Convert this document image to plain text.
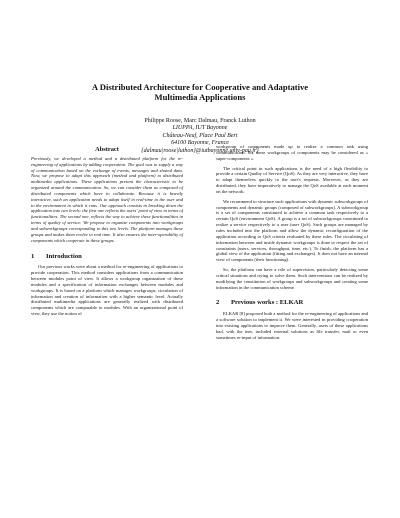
A Distributed Architecture for Cooperative and Adaptative
Multimedia Applications
Philippe Roose, Marc Dalmau, Franck Luthon
LIUPPA, IUT Bayonne
Château-Neuf, Place Paul Bert
64100 Bayonne, France
{dalmau|roose|luthon}@iutbayonne.univ-pau.fr}
Abstract

Previously, we developed a method and a distributed platform for the re-engineering of applications by adding cooperation. The goal was to supply a way of communication based on the exchange of events, messages and shared data. Now, we propose to adapt this approach (method and platform) to distributed multimedia applications. These applications present the characteristic to be organized around the communication. So, we can consider them as composed of distributed components which have to collaborate. Because it is heavily interactive, such an application needs to adapt itself in real-time to the user and to the environment in which it runs. Our approach consists in breaking down the application into two levels: the first one reflects the users' point of view in terms of functionalities. The second one, reflects the way to achieve these functionalities in terms of quality of service. We propose to organize components into workgroups and subworkgroups corresponding to this two levels. The platform manages these groups and makes them evolve in real time. It also ensures the inter-operability of components which cooperate in these groups.

1 Introduction

Our previous works were about a method for re-engineering of applications to provide cooperation. This method considers applications from a communication between modules point of view. It allows a workgroup organization of these modules and a specification of information exchanges between modules and workgroups. It is based on a platform which manages workgroups, circulation of information and creation of information with a higher semantic level. Actually distributed multimedia applications are generally realized with distributed components which are comparable to modules. With an organizational point of view, they use the notion of

workgroup of components made up to realize a common task using communication. So, these workgroups of components may be considered as « super-components ».

The critical point in such applications is the need of a high flexibility to provide a certain Quality of Service (QoS). As they are very interactive, they have to adapt themselves quickly to the user's requests. Moreover, as they are distributed, they have imperatively to manage the QoS available at each moment on the network.

We recommend to structure such applications with dynamic subworkgroups of components and dynamic groups (composed of subworkgroups). A subworkgroup is a set of components constituted to achieve a common task respectively to a certain QoS (environment QoS). A group is a set of subworkgroups constituted to realize a service respectively to a user (user QoS). Such groups are managed by rules included into the platform and allow the dynamic reconfiguration of the application according to QoS criteria evaluated by these rules. The circulating of information between and inside dynamic workgroups is done to respect the set of constraints (users, services, throughput, time, etc.). To finish, the platform has a global view of the application (fitting and exchanges). It does not have an internal view of components (their functioning).

So, the platform can have a role of supervision, particularly detecting some critical situations and trying to solve them. Such interventions can be realized by modifying the constitution of workgroups and subworkgroups and creating some information in the communication scheme.

2 Previous works : ELKAR

ELKAR [8] proposed both a method for the re-engineering of applications and a software solution to implement it. We were interested in providing cooperation into existing applications to improve them. Generally, users of these applications had, with the tner, included external solutions as file transfer, mail or even sometimes re-input of information.
